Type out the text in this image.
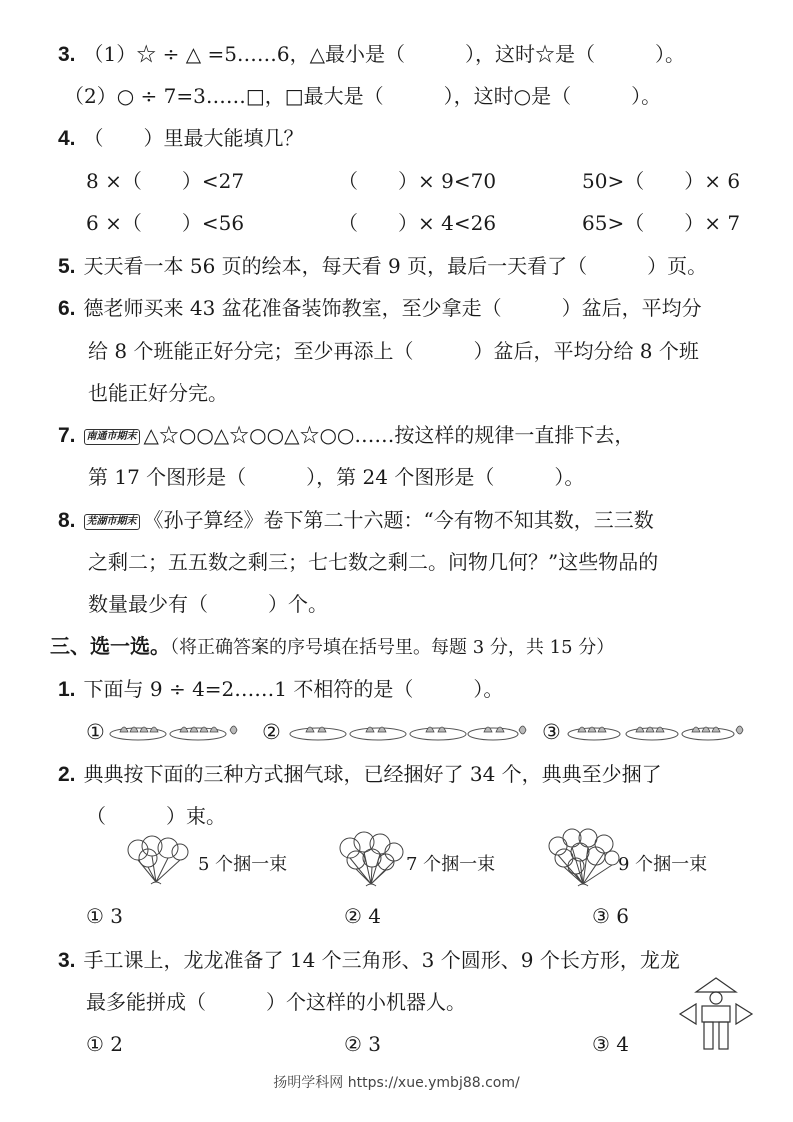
3. （1）☆ ÷ △ =5……6，△最小是（　　　），这时☆是（　　　）。
（2）○ ÷ 7=3……□，□最大是（　　　），这时○是（　　　）。
4. （　　）里最大能填几？
8 ×（　　）<27	（　　）× 9<70	50>（　　）× 6
6 ×（　　）<56	（　　）× 4<26	65>（　　）× 7
5. 天天看一本 56 页的绘本，每天看 9 页，最后一天看了（　　　）页。
6. 德老师买来 43 盆花准备装饰教室，至少拿走（　　　）盆后，平均分
给 8 个班能正好分完；至少再添上（　　　）盆后，平均分给 8 个班
也能正好分完。
7. 南通市期末 △☆○○△☆○○△☆○○……按这样的规律一直排下去，
第 17 个图形是（　　　），第 24 个图形是（　　　）。
8. 芜湖市期末 《孙子算经》卷下第二十六题：“今有物不知其数，三三数
之剩二；五五数之剩三；七七数之剩二。问物几何？”这些物品的
数量最少有（　　　）个。
三、选一选。（将正确答案的序号填在括号里。每题 3 分，共 15 分）
1. 下面与 9 ÷ 4=2……1 不相符的是（　　　）。
①	②	③
2. 典典按下面的三种方式捆气球，已经捆好了 34 个，典典至少捆了
（　　　）束。
5 个捆一束	7 个捆一束	9 个捆一束
① 3	② 4	③ 6
3. 手工课上，龙龙准备了 14 个三角形、3 个圆形、9 个长方形，龙龙
最多能拼成（　　　）个这样的小机器人。
① 2	② 3	③ 4
扬明学科网 https://xue.ymbj88.com/
